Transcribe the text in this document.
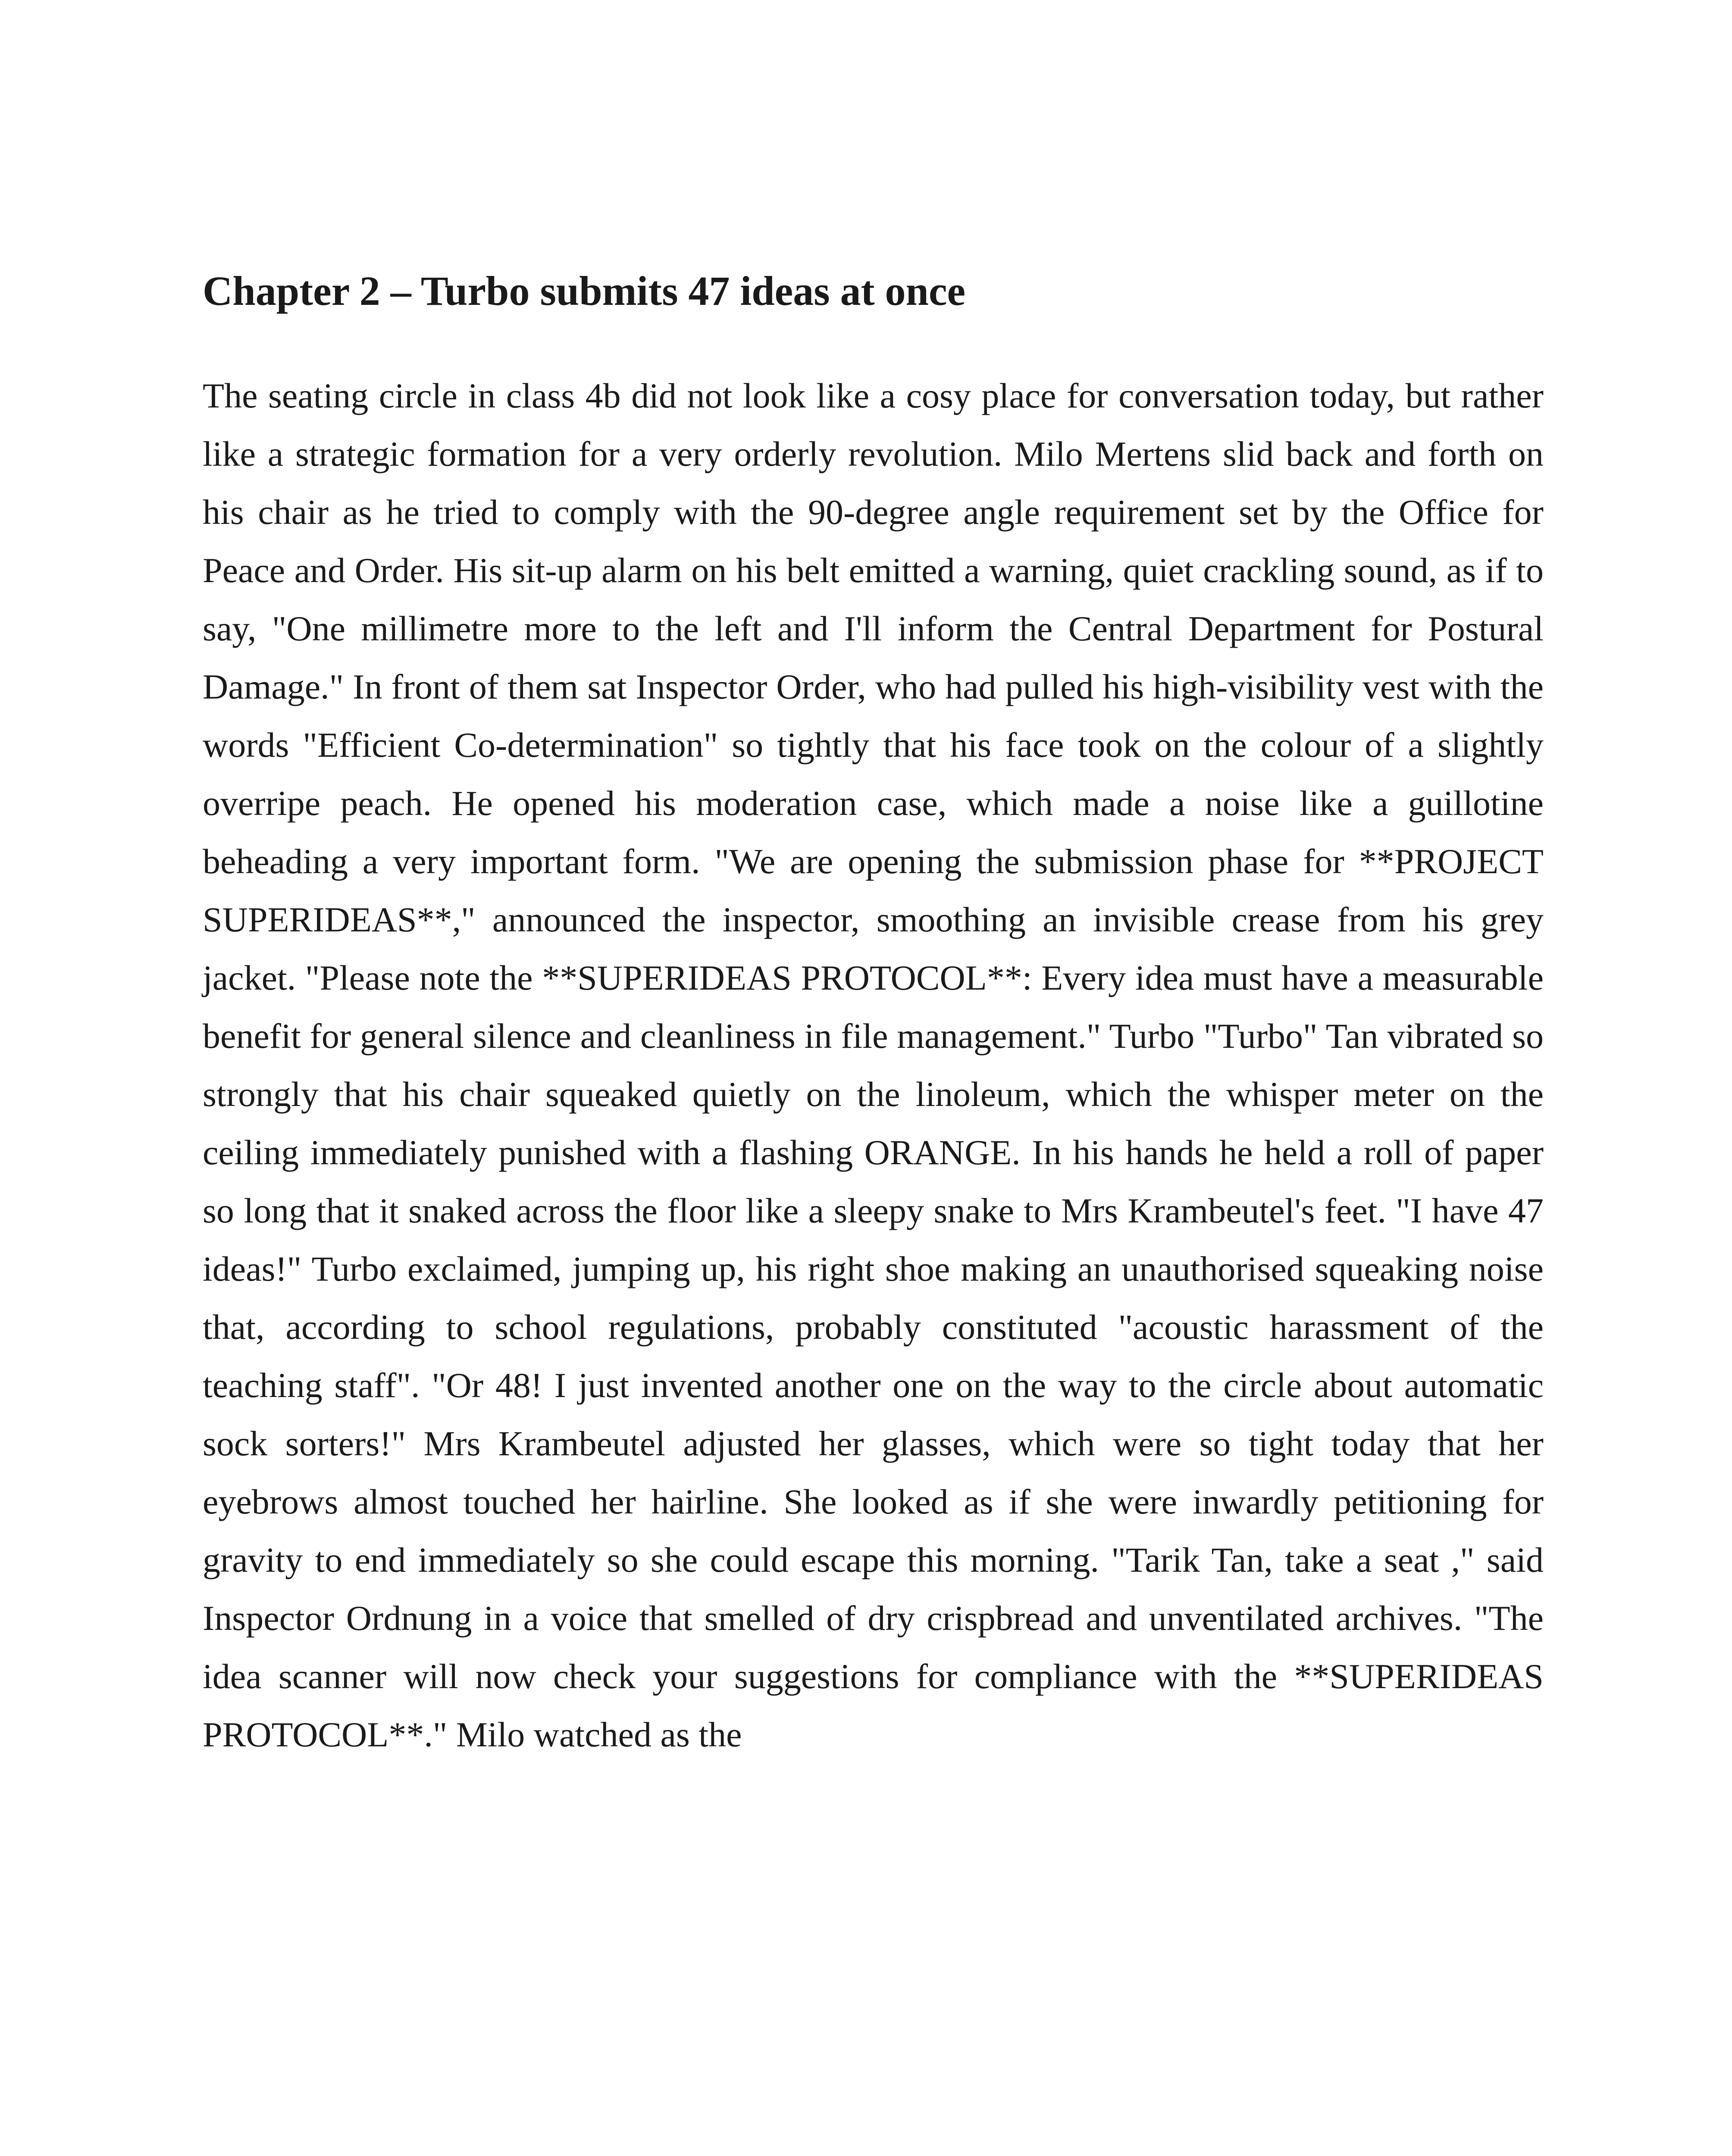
Chapter 2 – Turbo submits 47 ideas at once

The seating circle in class 4b did not look like a cosy place for conversation today, but rather like a strategic formation for a very orderly revolution. Milo Mertens slid back and forth on his chair as he tried to comply with the 90-degree angle requirement set by the Office for Peace and Order. His sit-up alarm on his belt emitted a warning, quiet crackling sound, as if to say, "One millimetre more to the left and I'll inform the Central Department for Postural Damage." In front of them sat Inspector Order, who had pulled his high-visibility vest with the words "Efficient Co-determination" so tightly that his face took on the colour of a slightly overripe peach. He opened his moderation case, which made a noise like a guillotine beheading a very important form. "We are opening the submission phase for **PROJECT SUPERIDEAS**," announced the inspector, smoothing an invisible crease from his grey jacket. "Please note the **SUPERIDEAS PROTOCOL**: Every idea must have a measurable benefit for general silence and cleanliness in file management." Turbo "Turbo" Tan vibrated so strongly that his chair squeaked quietly on the linoleum, which the whisper meter on the ceiling immediately punished with a flashing ORANGE. In his hands he held a roll of paper so long that it snaked across the floor like a sleepy snake to Mrs Krambeutel's feet. "I have 47 ideas!" Turbo exclaimed, jumping up, his right shoe making an unauthorised squeaking noise that, according to school regulations, probably constituted "acoustic harassment of the teaching staff". "Or 48! I just invented another one on the way to the circle about automatic sock sorters!" Mrs Krambeutel adjusted her glasses, which were so tight today that her eyebrows almost touched her hairline. She looked as if she were inwardly petitioning for gravity to end immediately so she could escape this morning. "Tarik Tan, take a seat ," said Inspector Ordnung in a voice that smelled of dry crispbread and unventilated archives. "The idea scanner will now check your suggestions for compliance with the **SUPERIDEAS PROTOCOL**." Milo watched as the
